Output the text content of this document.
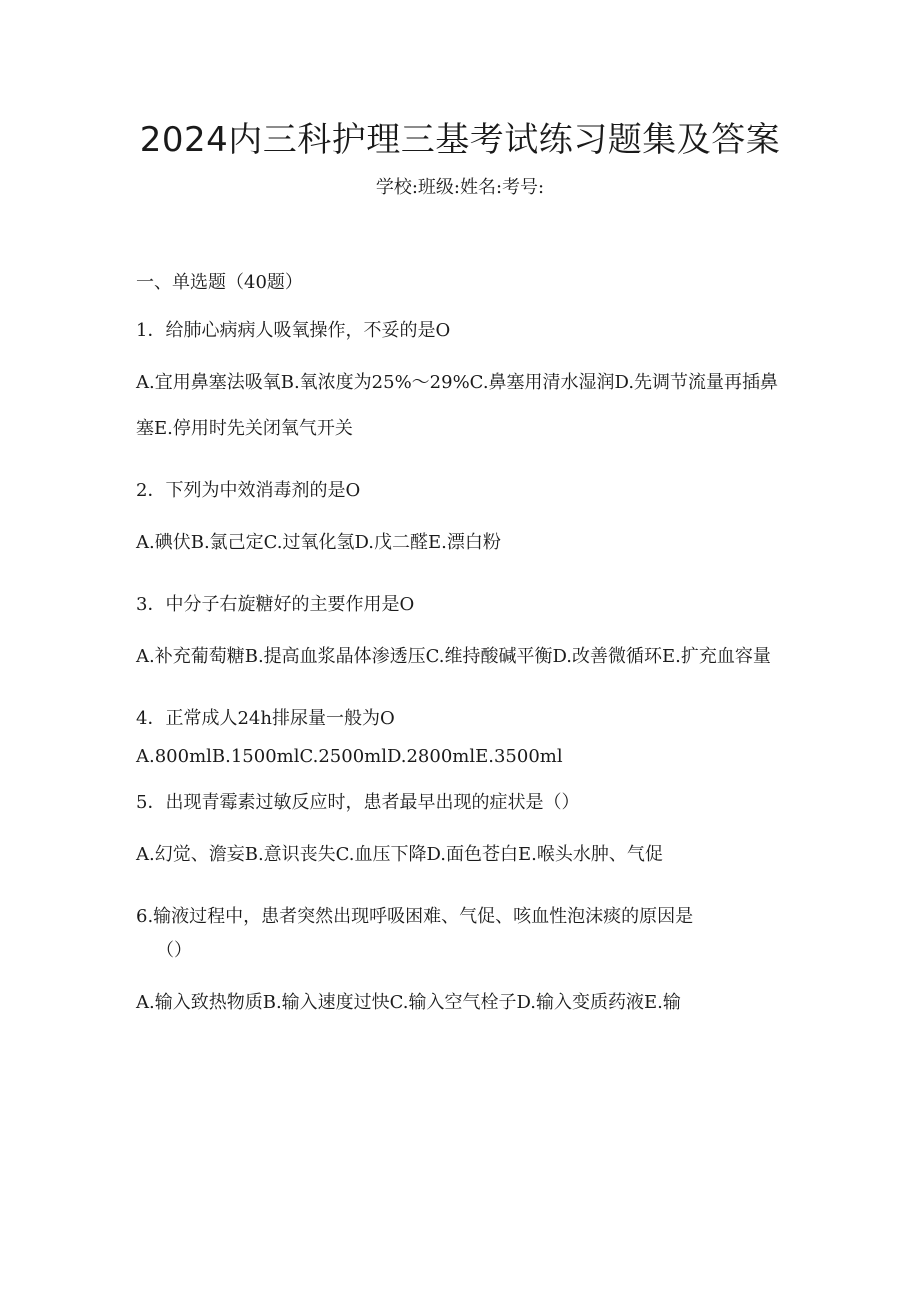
2024内三科护理三基考试练习题集及答案

学校:班级:姓名:考号:

一、单选题（40题）

1．给肺心病病人吸氧操作，不妥的是O

A.宜用鼻塞法吸氧B.氧浓度为25%～29%C.鼻塞用清水湿润D.先调节流量再插鼻塞E.停用时先关闭氧气开关

2．下列为中效消毒剂的是O

A.碘伏B.氯己定C.过氧化氢D.戊二醛E.漂白粉

3．中分子右旋糖好的主要作用是O

A.补充葡萄糖B.提高血浆晶体渗透压C.维持酸碱平衡D.改善微循环E.扩充血容量

4．正常成人24h排尿量一般为O

A.800mlB.1500mlC.2500mlD.2800mlE.3500ml

5．出现青霉素过敏反应时，患者最早出现的症状是（）

A.幻觉、澹妄B.意识丧失C.血压下降D.面色苍白E.喉头水肿、气促

6.输液过程中，患者突然出现呼吸困难、气促、咳血性泡沫痰的原因是
（）

A.输入致热物质B.输入速度过快C.输入空气栓子D.输入变质药液E.输
